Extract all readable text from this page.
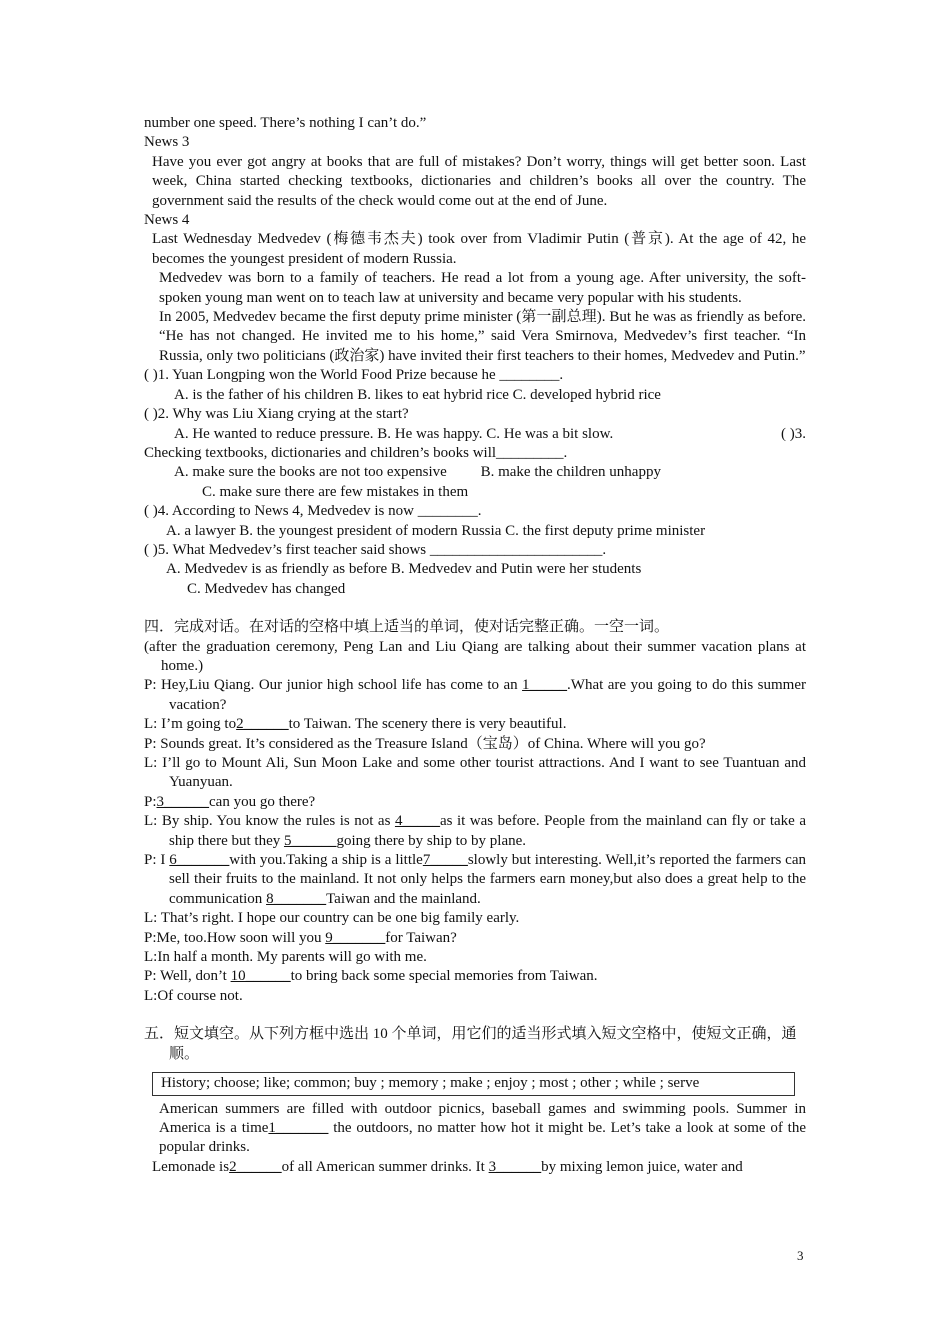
number one speed. There’s nothing I can’t do.”

News 3

Have you ever got angry at books that are full of mistakes? Don’t worry, things will get better soon. Last week, China started checking textbooks, dictionaries and children’s books all over the country. The government said the results of the check would come out at the end of June.

News 4

Last Wednesday Medvedev (梅德韦杰夫) took over from Vladimir Putin (普京). At the age of 42, he becomes the youngest president of modern Russia.

Medvedev was born to a family of teachers. He read a lot from a young age. After university, the soft-spoken young man went on to teach law at university and became very popular with his students.

In 2005, Medvedev became the first deputy prime minister (第一副总理). But he was as friendly as before. “He has not changed. He invited me to his home,” said Vera Smirnova, Medvedev’s first teacher. “In Russia, only two politicians (政治家) have invited their first teachers to their homes, Medvedev and Putin.”

( )1. Yuan Longping won the World Food Prize because he ________.

A. is the father of his children B. likes to eat hybrid rice C. developed hybrid rice

( )2. Why was Liu Xiang crying at the start?

A. He wanted to reduce pressure. B. He was happy. C. He was a bit slow.	( )3.

Checking textbooks, dictionaries and children’s books will_________.

A. make sure the books are not too expensive         B. make the children unhappy

C. make sure there are few mistakes in them

( )4. According to News 4, Medvedev is now ________.

A. a lawyer B. the youngest president of modern Russia C. the first deputy prime minister

( )5. What Medvedev’s first teacher said shows _______________________.

A. Medvedev is as friendly as before B. Medvedev and Putin were her students

C. Medvedev has changed

四．完成对话。在对话的空格中填上适当的单词，使对话完整正确。一空一词。

(after the graduation ceremony, Peng Lan and Liu Qiang are talking about their summer vacation plans at home.)

P: Hey,Liu Qiang. Our junior high school life has come to an 1_____.What are you going to do this summer vacation?

L: I’m going to2______to Taiwan. The scenery there is very beautiful.

P: Sounds great. It’s considered as the Treasure Island（宝岛）of China. Where will you go?

L: I’ll go to Mount Ali, Sun Moon Lake and some other tourist attractions. And I want to see Tuantuan and Yuanyuan.

P:3______can you go there?

L: By ship. You know the rules is not as 4_____as it was before. People from the mainland can fly or take a ship there but they 5______going there by ship to by plane.

P: I 6_______with you.Taking a ship is a little7_____slowly but interesting. Well,it’s reported the farmers can sell their fruits to the mainland. It not only helps the farmers earn money,but also does a great help to the communication 8_______Taiwan and the mainland.

L: That’s right. I hope our country can be one big family early.

P:Me, too.How soon will you 9_______for Taiwan?

L:In half a month. My parents will go with me.

P: Well, don’t 10______to bring back some special memories from Taiwan.

L:Of course not.

五．短文填空。从下列方框中选出 10 个单词，用它们的适当形式填入短文空格中，使短文正确，通顺。

History; choose; like; common; buy ; memory ; make ; enjoy ; most ; other ; while ; serve

American summers are filled with outdoor picnics, baseball games and swimming pools. Summer in America is a time1_______ the outdoors, no matter how hot it might be. Let’s take a look at some of the popular drinks.

Lemonade is2______of all American summer drinks. It 3______by mixing lemon juice, water and

3
